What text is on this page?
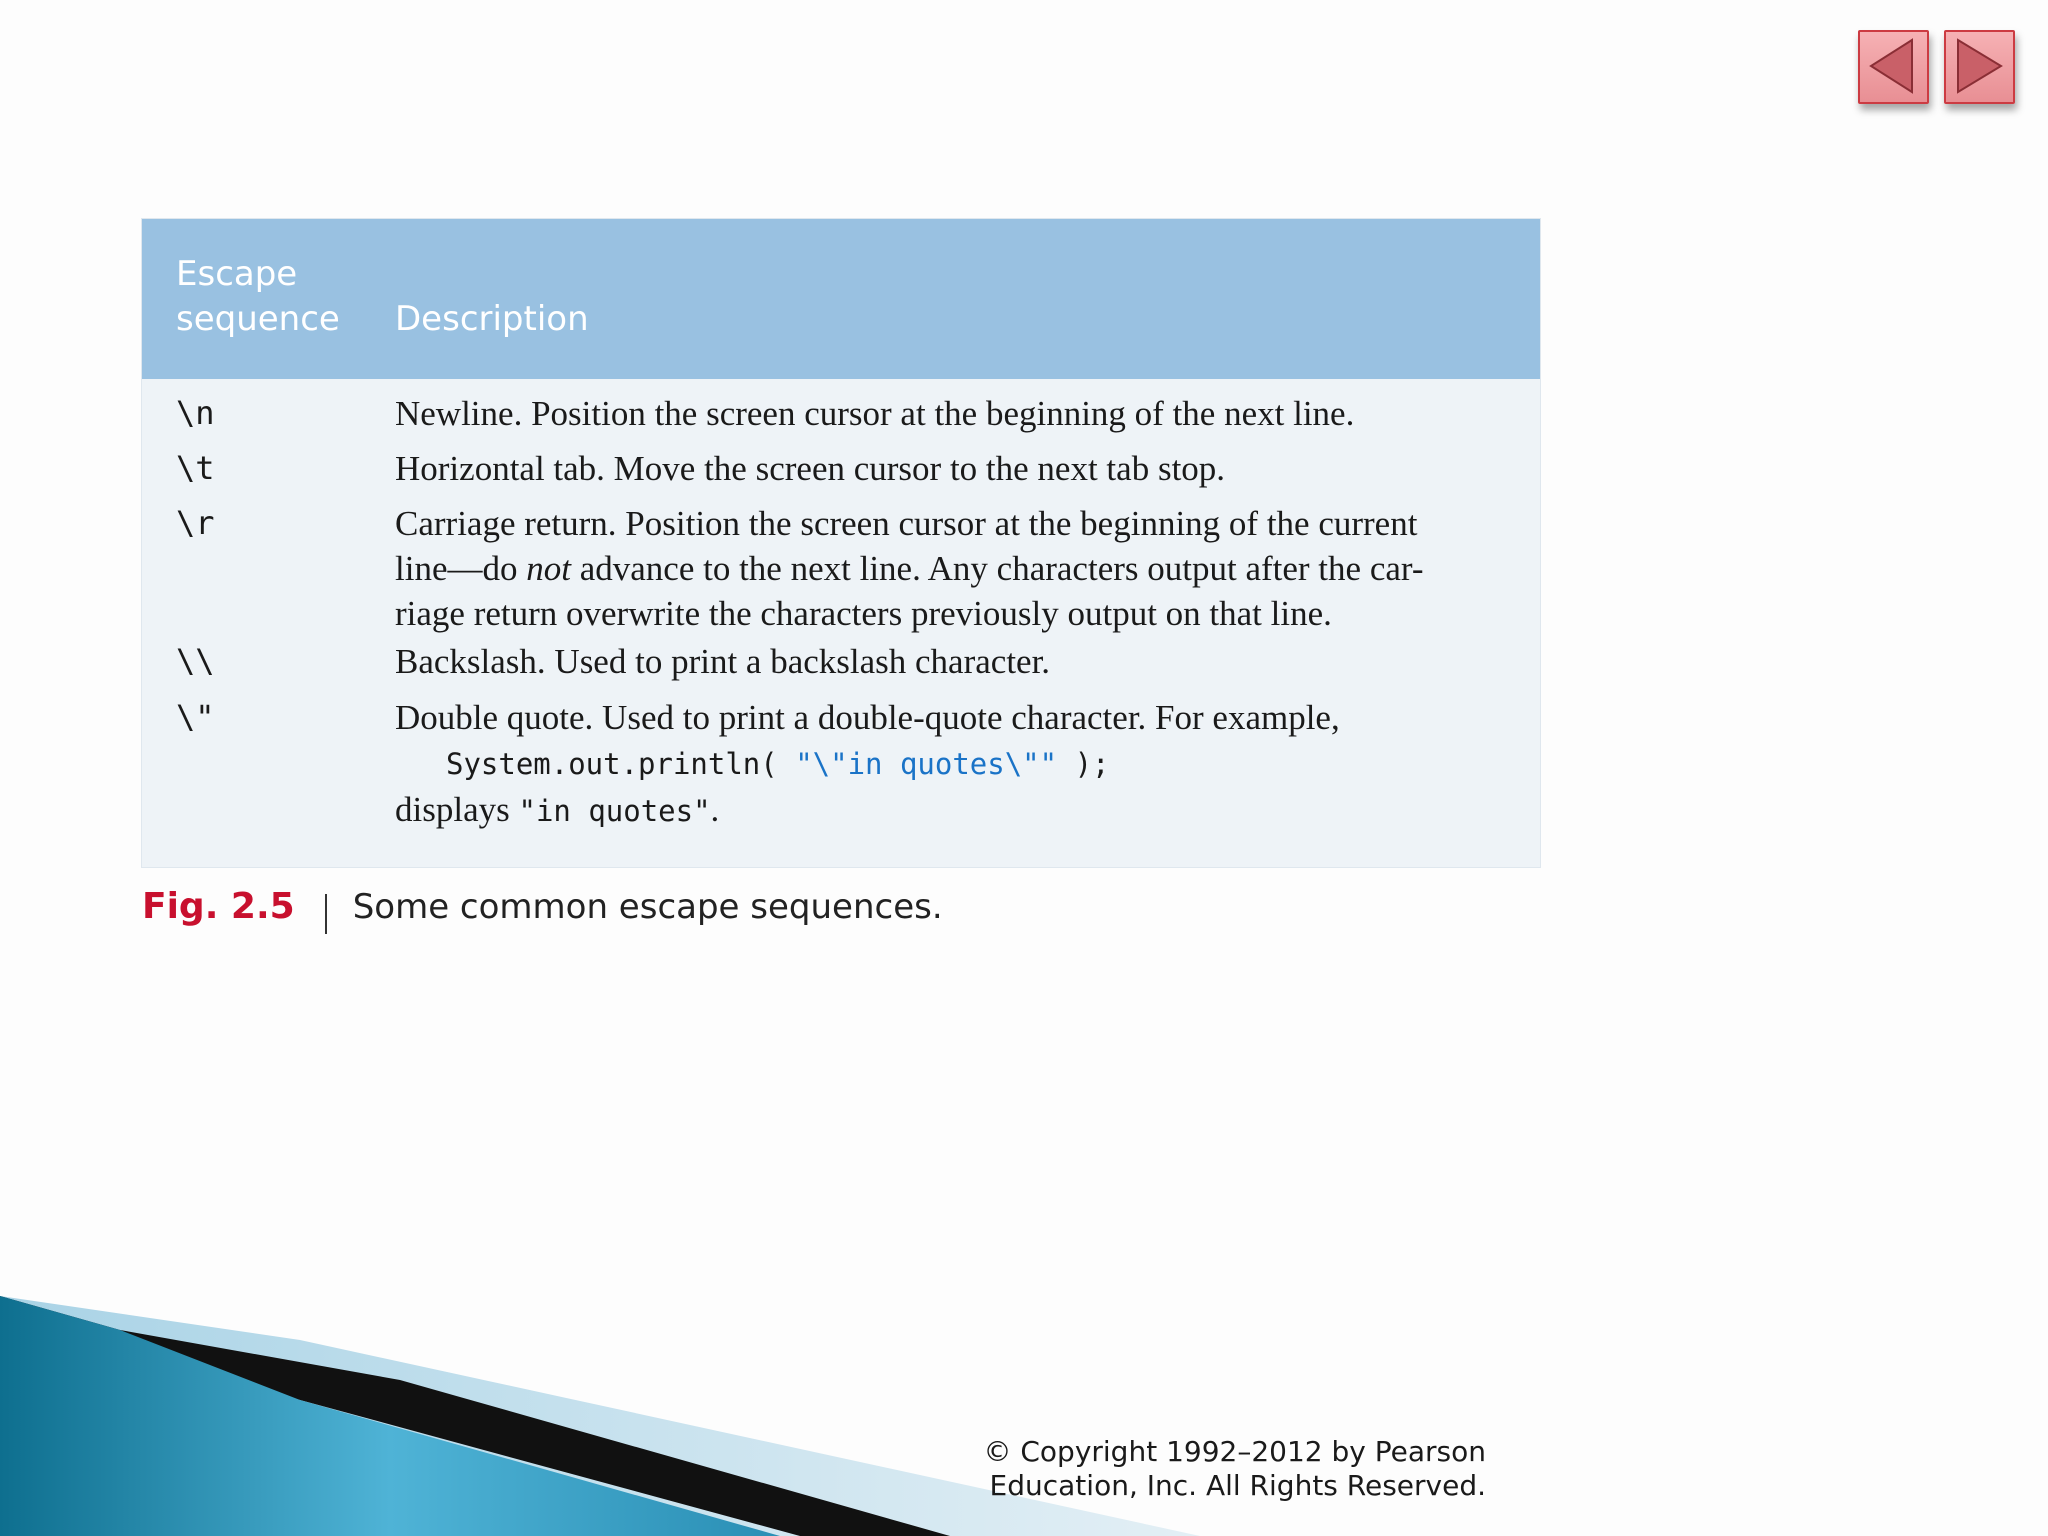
Escape
sequence	Description
\n	Newline. Position the screen cursor at the beginning of the next line.
\t	Horizontal tab. Move the screen cursor to the next tab stop.
\r	Carriage return. Position the screen cursor at the beginning of the current
line—do not advance to the next line. Any characters output after the car-
riage return overwrite the characters previously output on that line.
\\	Backslash. Used to print a backslash character.
\"	Double quote. Used to print a double-quote character. For example,
System.out.println( "\"in quotes\"" );
displays "in quotes".
Fig. 2.5 Some common escape sequences.
© Copyright 1992–2012 by Pearson
Education, Inc. All Rights Reserved.
